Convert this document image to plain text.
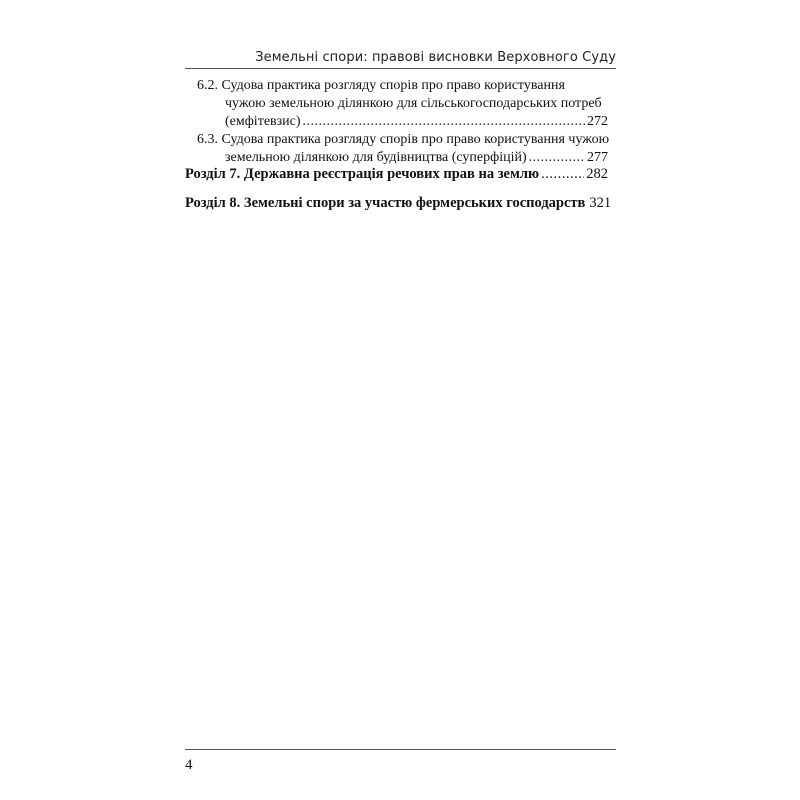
Земельні спори: правові висновки Верховного Суду
6.2. Судова практика розгляду спорів про право користування
чужою земельною ділянкою для сільськогосподарських потреб
(емфітевзис) .....	272
6.3. Судова практика розгляду спорів про право користування чужою
земельною ділянкою для будівництва (суперфіцій) .....	277
Розділ 7. Державна реєстрація речових прав на землю .....	282
Розділ 8. Земельні спори за участю фермерських господарств 321
4
